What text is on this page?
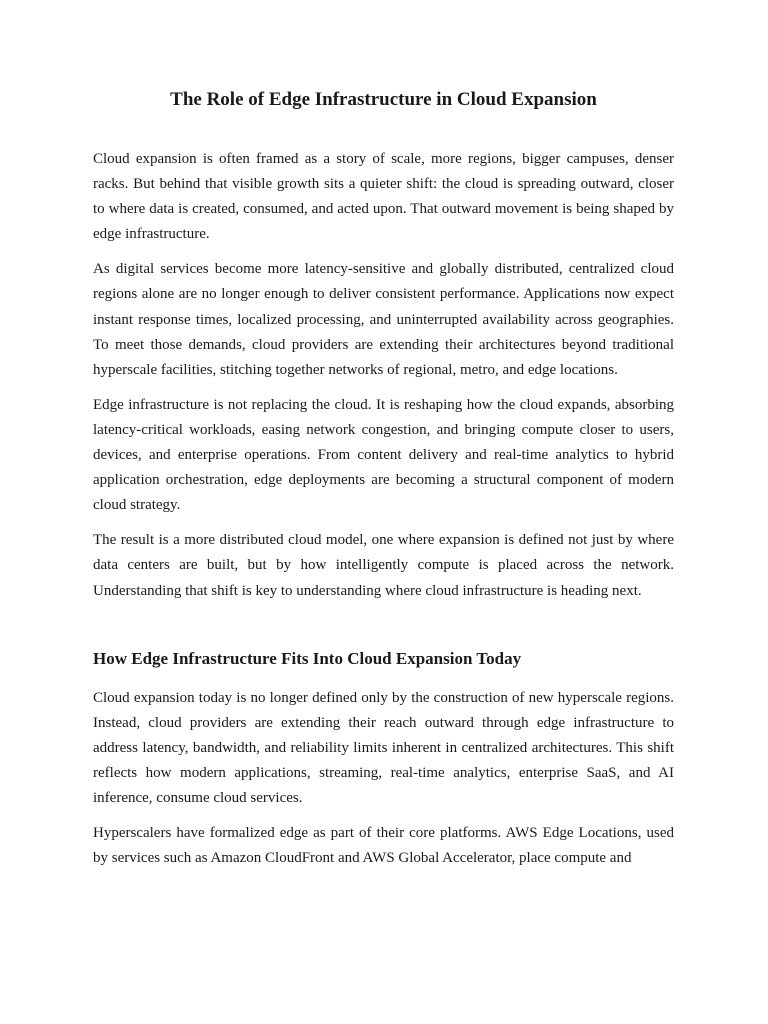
The Role of Edge Infrastructure in Cloud Expansion

Cloud expansion is often framed as a story of scale, more regions, bigger campuses, denser racks. But behind that visible growth sits a quieter shift: the cloud is spreading outward, closer to where data is created, consumed, and acted upon. That outward movement is being shaped by edge infrastructure.

As digital services become more latency-sensitive and globally distributed, centralized cloud regions alone are no longer enough to deliver consistent performance. Applications now expect instant response times, localized processing, and uninterrupted availability across geographies. To meet those demands, cloud providers are extending their architectures beyond traditional hyperscale facilities, stitching together networks of regional, metro, and edge locations.

Edge infrastructure is not replacing the cloud. It is reshaping how the cloud expands, absorbing latency-critical workloads, easing network congestion, and bringing compute closer to users, devices, and enterprise operations. From content delivery and real-time analytics to hybrid application orchestration, edge deployments are becoming a structural component of modern cloud strategy.

The result is a more distributed cloud model, one where expansion is defined not just by where data centers are built, but by how intelligently compute is placed across the network. Understanding that shift is key to understanding where cloud infrastructure is heading next.

How Edge Infrastructure Fits Into Cloud Expansion Today

Cloud expansion today is no longer defined only by the construction of new hyperscale regions. Instead, cloud providers are extending their reach outward through edge infrastructure to address latency, bandwidth, and reliability limits inherent in centralized architectures. This shift reflects how modern applications, streaming, real-time analytics, enterprise SaaS, and AI inference, consume cloud services.

Hyperscalers have formalized edge as part of their core platforms. AWS Edge Locations, used by services such as Amazon CloudFront and AWS Global Accelerator, place compute and
